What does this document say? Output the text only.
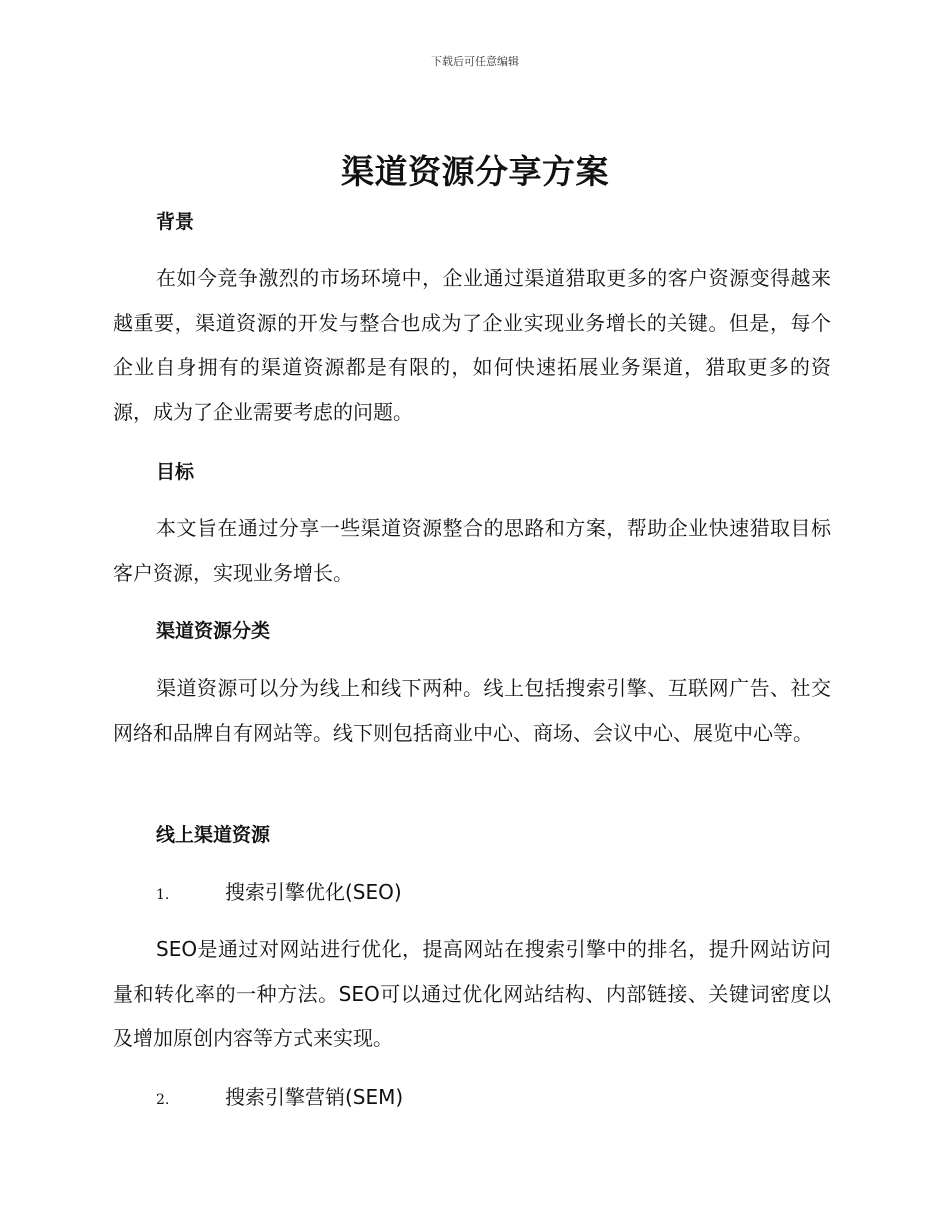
下载后可任意编辑
渠道资源分享方案
背景
在如今竞争激烈的市场环境中，企业通过渠道猎取更多的客户资源变得越来越重要，渠道资源的开发与整合也成为了企业实现业务增长的关键。但是，每个企业自身拥有的渠道资源都是有限的，如何快速拓展业务渠道，猎取更多的资源，成为了企业需要考虑的问题。
目标
本文旨在通过分享一些渠道资源整合的思路和方案，帮助企业快速猎取目标客户资源，实现业务增长。
渠道资源分类
渠道资源可以分为线上和线下两种。线上包括搜索引擎、互联网广告、社交网络和品牌自有网站等。线下则包括商业中心、商场、会议中心、展览中心等。
线上渠道资源
1.	搜索引擎优化(SEO)
SEO是通过对网站进行优化，提高网站在搜索引擎中的排名，提升网站访问量和转化率的一种方法。SEO可以通过优化网站结构、内部链接、关键词密度以及增加原创内容等方式来实现。
2.	搜索引擎营销(SEM)
